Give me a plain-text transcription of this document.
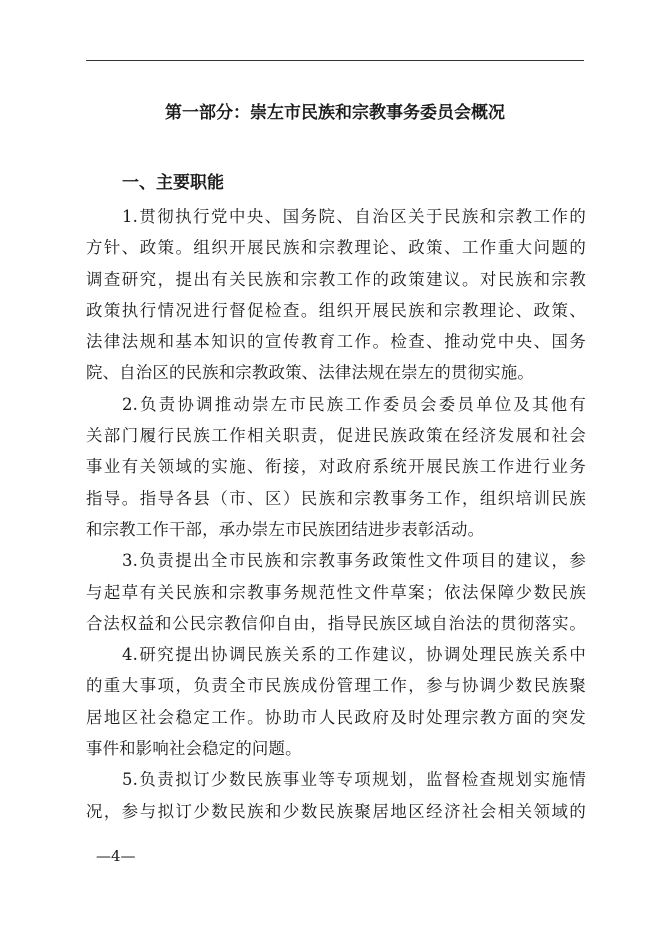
第一部分：崇左市民族和宗教事务委员会概况
一、主要职能
1.贯彻执行党中央、国务院、自治区关于民族和宗教工作的
方针、政策。组织开展民族和宗教理论、政策、工作重大问题的
调查研究，提出有关民族和宗教工作的政策建议。对民族和宗教
政策执行情况进行督促检查。组织开展民族和宗教理论、政策、
法律法规和基本知识的宣传教育工作。检查、推动党中央、国务
院、自治区的民族和宗教政策、法律法规在崇左的贯彻实施。
2.负责协调推动崇左市民族工作委员会委员单位及其他有
关部门履行民族工作相关职责，促进民族政策在经济发展和社会
事业有关领域的实施、衔接，对政府系统开展民族工作进行业务
指导。指导各县（市、区）民族和宗教事务工作，组织培训民族
和宗教工作干部，承办崇左市民族团结进步表彰活动。
3.负责提出全市民族和宗教事务政策性文件项目的建议，参
与起草有关民族和宗教事务规范性文件草案；依法保障少数民族
合法权益和公民宗教信仰自由，指导民族区域自治法的贯彻落实。
4.研究提出协调民族关系的工作建议，协调处理民族关系中
的重大事项，负责全市民族成份管理工作，参与协调少数民族聚
居地区社会稳定工作。协助市人民政府及时处理宗教方面的突发
事件和影响社会稳定的问题。
5.负责拟订少数民族事业等专项规划，监督检查规划实施情
况，参与拟订少数民族和少数民族聚居地区经济社会相关领域的
—4—
